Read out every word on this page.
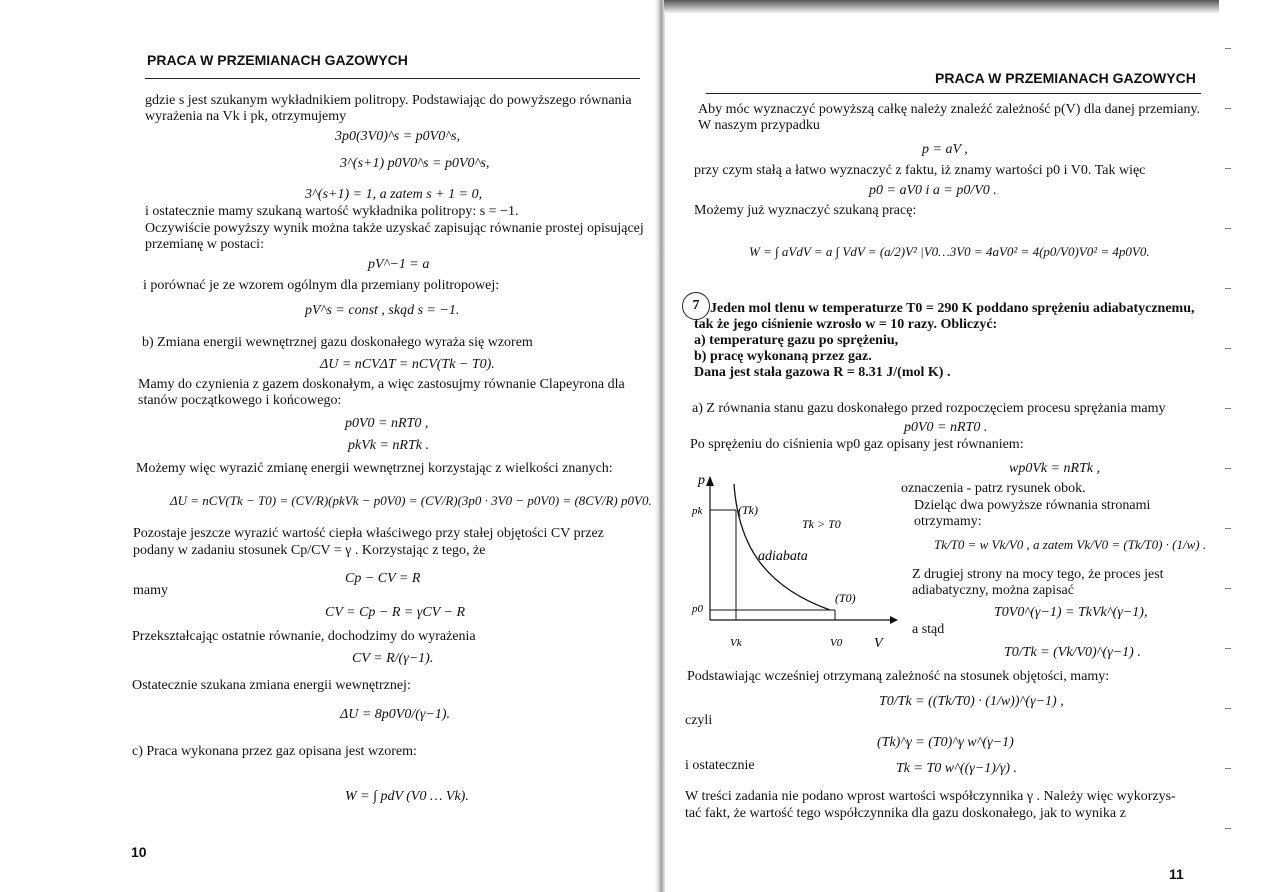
PRACA W PRZEMIANACH GAZOWYCH
gdzie s jest szukanym wykładnikiem politropy. Podstawiając do powyższego równania
wyrażenia na Vk i pk, otrzymujemy
3p0(3V0)^s = p0V0^s,
3^(s+1) p0V0^s = p0V0^s,
3^(s+1) = 1, a zatem s + 1 = 0,
i ostatecznie mamy szukaną wartość wykładnika politropy: s = −1.
Oczywiście powyższy wynik można także uzyskać zapisując równanie prostej opisującej
przemianę w postaci:
pV^−1 = a
i porównać je ze wzorem ogólnym dla przemiany politropowej:
pV^s = const , skąd s = −1.
b) Zmiana energii wewnętrznej gazu doskonałego wyraża się wzorem
ΔU = nCVΔT = nCV(Tk − T0).
Mamy do czynienia z gazem doskonałym, a więc zastosujmy równanie Clapeyrona dla
stanów początkowego i końcowego:
p0V0 = nRT0 ,
pkVk = nRTk .
Możemy więc wyrazić zmianę energii wewnętrznej korzystając z wielkości znanych:
ΔU = nCV(Tk − T0) = (CV/R)(pkVk − p0V0) = (CV/R)(3p0 · 3V0 − p0V0) = (8CV/R) p0V0.
Pozostaje jeszcze wyrazić wartość ciepła właściwego przy stałej objętości CV przez
podany w zadaniu stosunek Cp/CV = γ . Korzystając z tego, że
Cp − CV = R
mamy
CV = Cp − R = γCV − R
Przekształcając ostatnie równanie, dochodzimy do wyrażenia
CV = R/(γ−1).
Ostatecznie szukana zmiana energii wewnętrznej:
ΔU = 8p0V0/(γ−1).
c) Praca wykonana przez gaz opisana jest wzorem:
W = ∫ pdV (V0 … Vk).
10
PRACA W PRZEMIANACH GAZOWYCH
Aby móc wyznaczyć powyższą całkę należy znaleźć zależność p(V) dla danej przemiany.
W naszym przypadku
p = aV ,
przy czym stałą a łatwo wyznaczyć z faktu, iż znamy wartości p0 i V0. Tak więc
p0 = aV0 i a = p0/V0 .
Możemy już wyznaczyć szukaną pracę:
W = ∫ aVdV = a ∫ VdV = (a/2)V² |V0…3V0 = 4aV0² = 4(p0/V0)V0² = 4p0V0.
7 Jeden mol tlenu w temperaturze T0 = 290 K poddano sprężeniu adiabatycznemu,
tak że jego ciśnienie wzrosło w = 10 razy. Obliczyć:
a) temperaturę gazu po sprężeniu,
b) pracę wykonaną przez gaz.
Dana jest stała gazowa R = 8.31 J/(mol K) .
a) Z równania stanu gazu doskonałego przed rozpoczęciem procesu sprężania mamy
p0V0 = nRT0 .
Po sprężeniu do ciśnienia wp0 gaz opisany jest równaniem:
wp0Vk = nRTk ,
oznaczenia - patrz rysunek obok.
Dzieląc dwa powyższe równania stronami
otrzymamy:
Tk/T0 = w Vk/V0 , a zatem Vk/V0 = (Tk/T0) · (1/w) .
Z drugiej strony na mocy tego, że proces jest
adiabatyczny, można zapisać
T0V0^(γ−1) = TkVk^(γ−1),
a stąd
T0/Tk = (Vk/V0)^(γ−1) .
Podstawiając wcześniej otrzymaną zależność na stosunek objętości, mamy:
T0/Tk = ((Tk/T0) · (1/w))^(γ−1) ,
czyli
(Tk)^γ = (T0)^γ w^(γ−1)
i ostatecznie	Tk = T0 w^((γ−1)/γ) .
W treści zadania nie podano wprost wartości współczynnika γ . Należy więc wykorzys-
tać fakt, że wartość tego współczynnika dla gazu doskonałego, jak to wynika z
p
V
pk
p0
Vk	V0
(Tk)
(T0)
adiabata
Tk > T0
11
